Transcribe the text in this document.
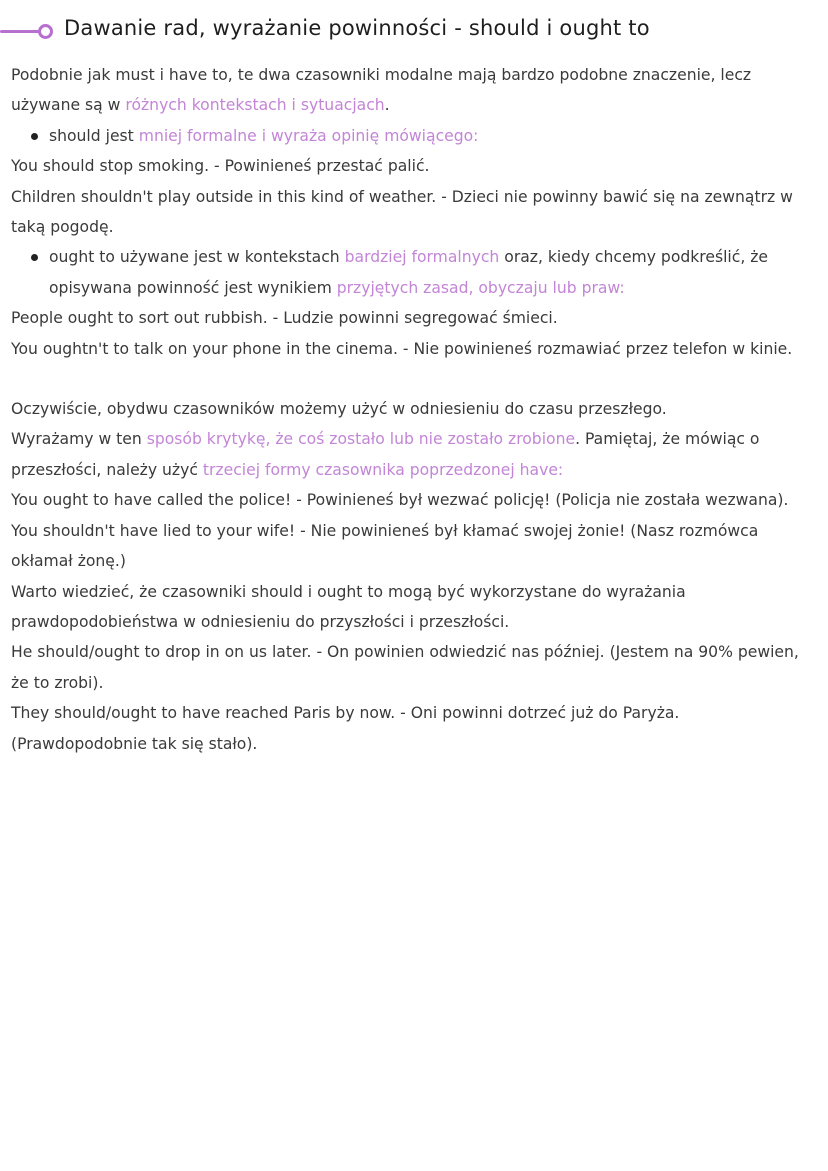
Dawanie rad, wyrażanie powinności - should i ought to

Podobnie jak must i have to, te dwa czasowniki modalne mają bardzo podobne znaczenie, lecz używane są w różnych kontekstach i sytuacjach.

should jest mniej formalne i wyraża opinię mówiącego:

You should stop smoking. - Powinieneś przestać palić.

Children shouldn't play outside in this kind of weather. - Dzieci nie powinny bawić się na zewnątrz w taką pogodę.

ought to używane jest w kontekstach bardziej formalnych oraz, kiedy chcemy podkreślić, że opisywana powinność jest wynikiem przyjętych zasad, obyczaju lub praw:

People ought to sort out rubbish. - Ludzie powinni segregować śmieci.

You oughtn't to talk on your phone in the cinema. - Nie powinieneś rozmawiać przez telefon w kinie.

Oczywiście, obydwu czasowników możemy użyć w odniesieniu do czasu przeszłego.

Wyrażamy w ten sposób krytykę, że coś zostało lub nie zostało zrobione. Pamiętaj, że mówiąc o przeszłości, należy użyć trzeciej formy czasownika poprzedzonej have:

You ought to have called the police! - Powinieneś był wezwać policję! (Policja nie została wezwana).

You shouldn't have lied to your wife! - Nie powinieneś był kłamać swojej żonie! (Nasz rozmówca okłamał żonę.)

Warto wiedzieć, że czasowniki should i ought to mogą być wykorzystane do wyrażania prawdopodobieństwa w odniesieniu do przyszłości i przeszłości.

He should/ought to drop in on us later. - On powinien odwiedzić nas później. (Jestem na 90% pewien, że to zrobi).

They should/ought to have reached Paris by now. - Oni powinni dotrzeć już do Paryża. (Prawdopodobnie tak się stało).
